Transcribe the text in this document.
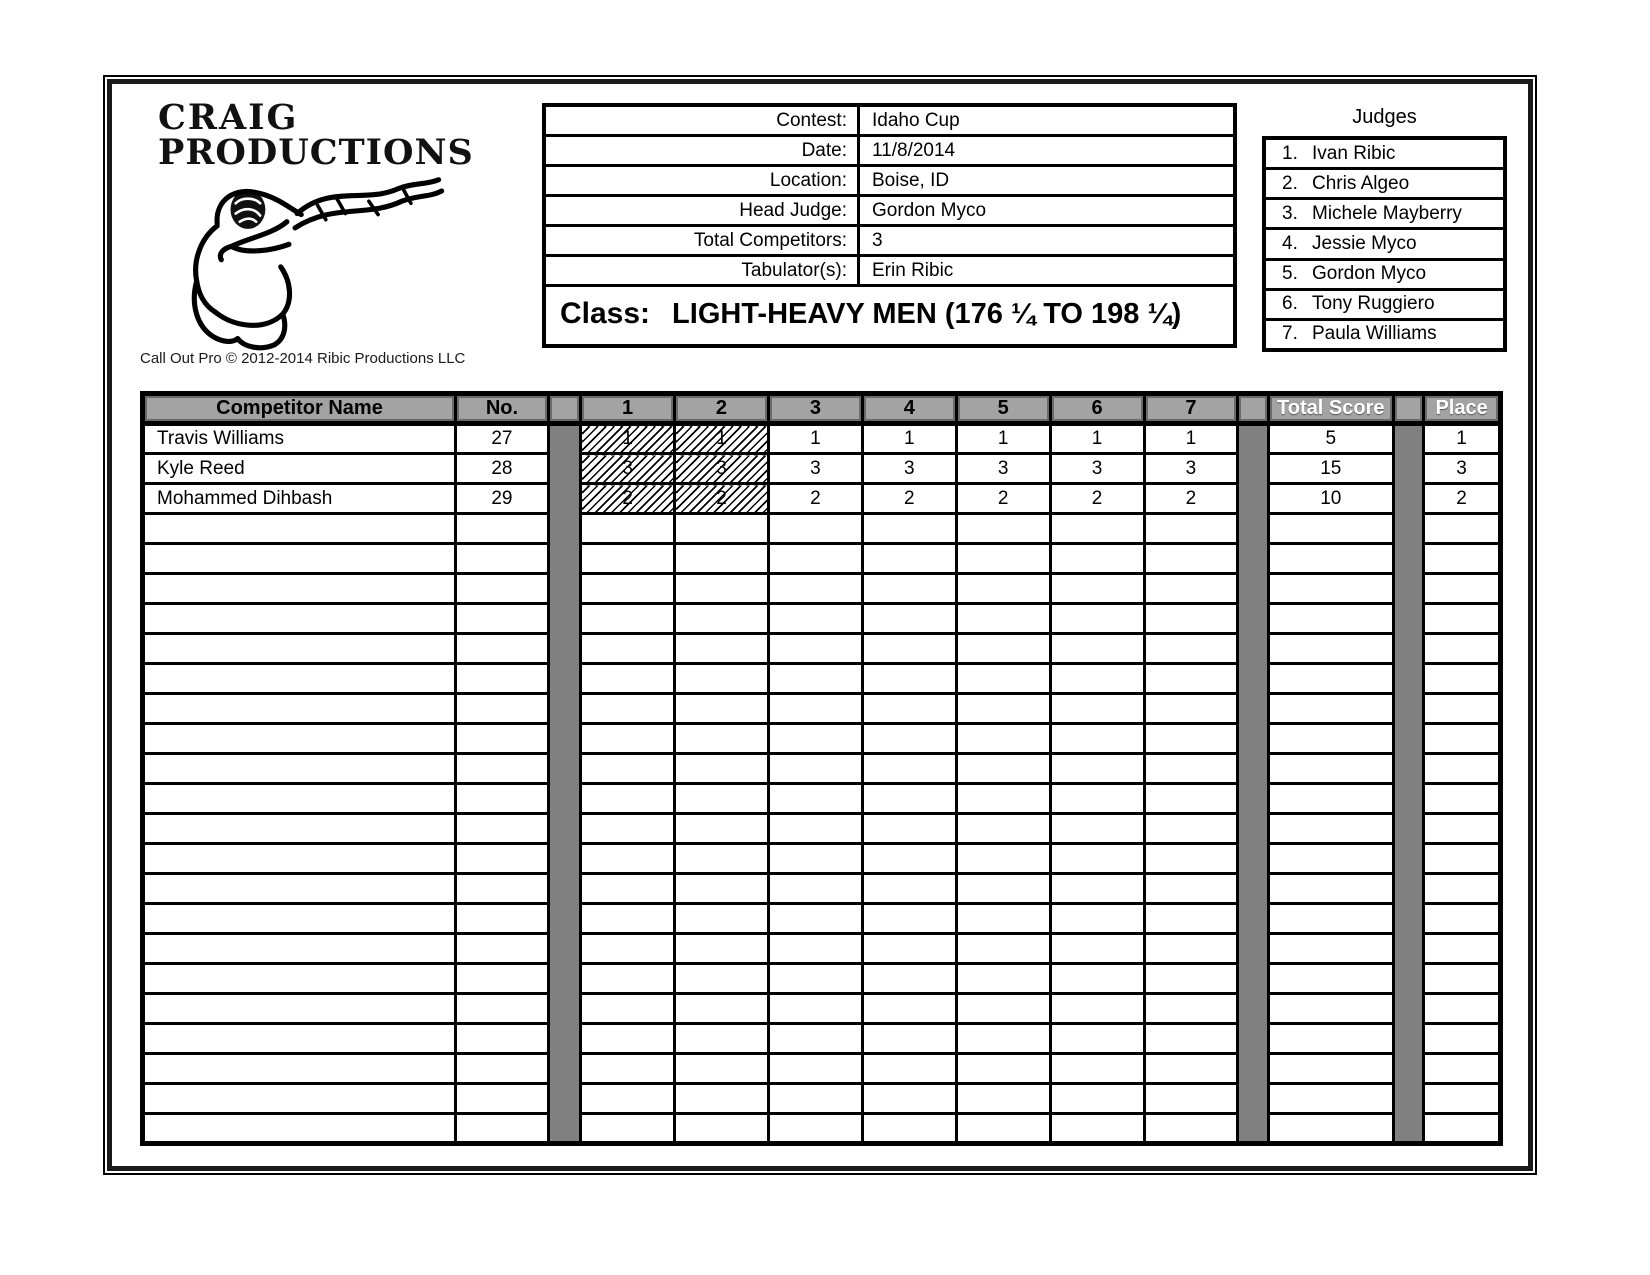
CRAIG
PRODUCTIONS
Call Out Pro © 2012-2014 Ribic Productions LLC
Contest:	Idaho Cup
Date:	11/8/2014
Location:	Boise, ID
Head Judge:	Gordon Myco
Total Competitors:	3
Tabulator(s):	Erin Ribic
Class: LIGHT-HEAVY MEN (176 ¼ TO 198 ¼)
Judges
1. Ivan Ribic
2. Chris Algeo
3. Michele Mayberry
4. Jessie Myco
5. Gordon Myco
6. Tony Ruggiero
7. Paula Williams
Competitor Name	No.		1	2	3	4	5	6	7		Total Score		Place
Travis Williams	27		1	1	1	1	1	1	1		5		1
Kyle Reed	28		3	3	3	3	3	3	3		15		3
Mohammed Dihbash	29		2	2	2	2	2	2	2		10		2
